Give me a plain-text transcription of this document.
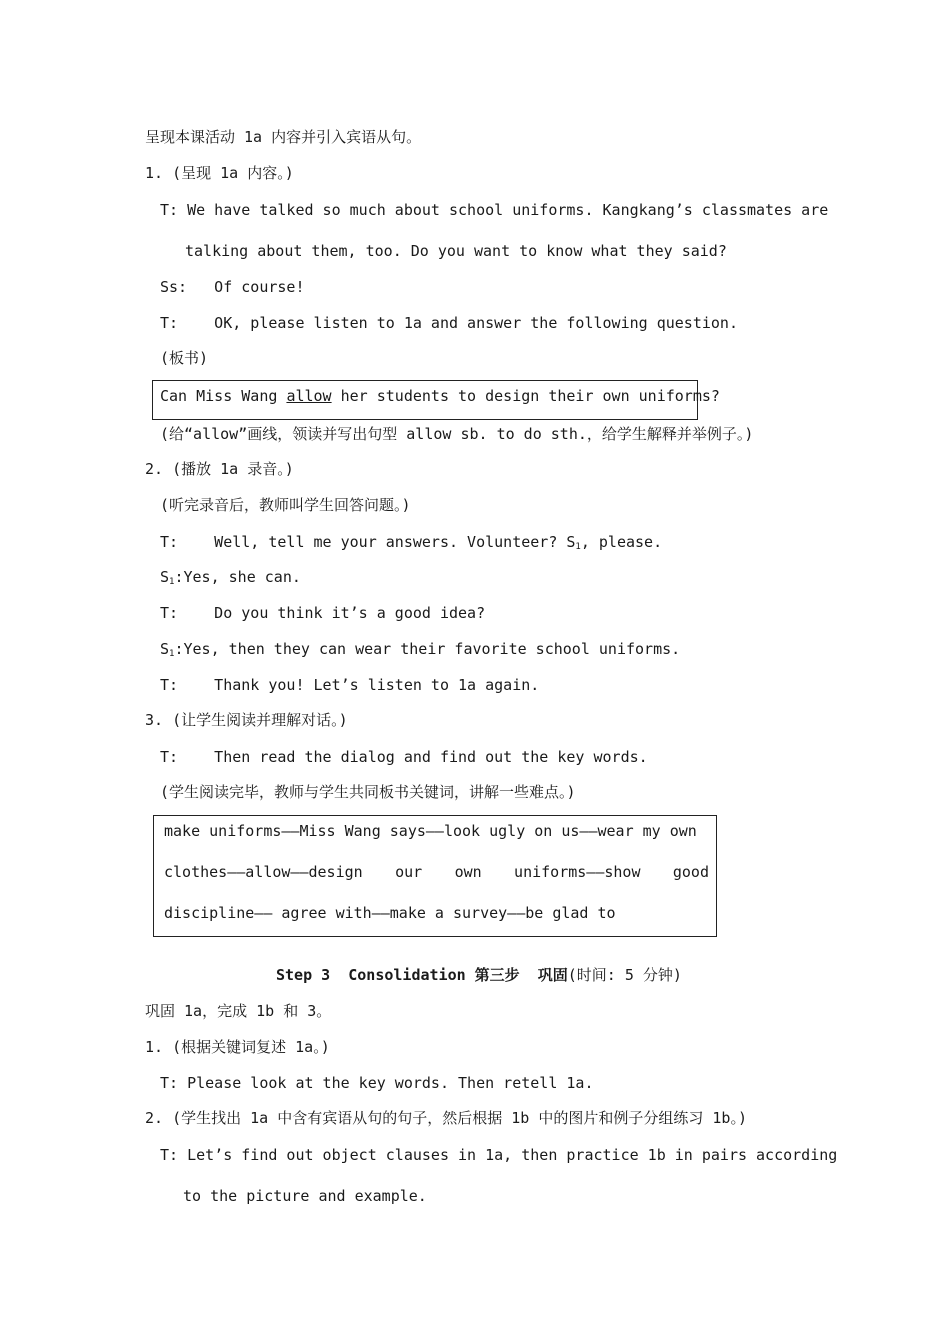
呈现本课活动 1a 内容并引入宾语从句。
1. (呈现 1a 内容。)
T: We have talked so much about school uniforms. Kangkang’s classmates are
talking about them, too. Do you want to know what they said?
Ss:   Of course!
T:    OK, please listen to 1a and answer the following question.
(板书)
Can Miss Wang allow her students to design their own uniforms?
(给“allow”画线，领读并写出句型 allow sb. to do sth.，给学生解释并举例子。)
2. (播放 1a 录音。)
(听完录音后，教师叫学生回答问题。)
T:    Well, tell me your answers. Volunteer? $S_1$, please.
$S_1:Yes$, she can.
T:    Do you think it’s a good idea?
$S_1:Yes$, then they can wear their favorite school uniforms.
T:    Thank you! Let’s listen to 1a again.
3. (让学生阅读并理解对话。)
T:    Then read the dialog and find out the key words.
(学生阅读完毕，教师与学生共同板书关键词，讲解一些难点。)
make uniforms——Miss Wang says——look ugly on us——wear my own
clothes——allow——design our own uniforms——show good
discipline—— agree with——make a survey——be glad to
Step 3  Consolidation 第三步  巩固(时间: 5 分钟)
巩固 1a，完成 1b 和 3。
1. (根据关键词复述 1a。)
T: Please look at the key words. Then retell 1a.
2. (学生找出 1a 中含有宾语从句的句子，然后根据 1b 中的图片和例子分组练习 1b。)
T: Let’s find out object clauses in 1a, then practice 1b in pairs according
to the picture and example.
